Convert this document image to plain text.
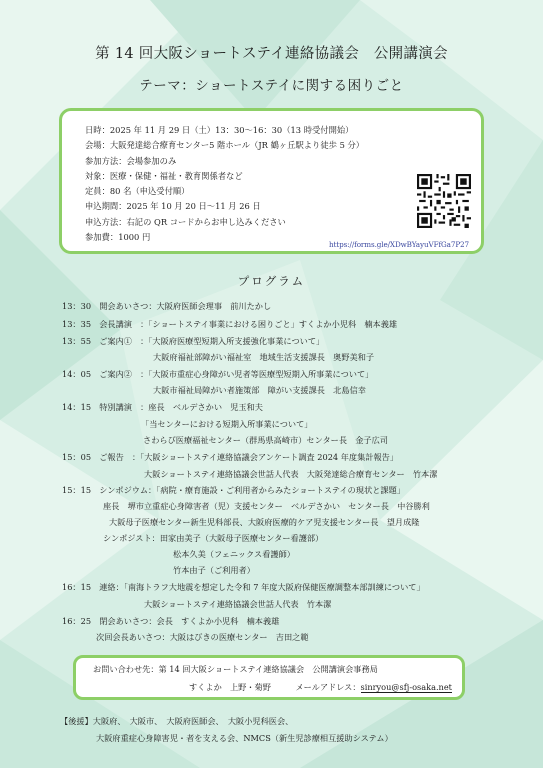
第 14 回大阪ショートステイ連絡協議会　公開講演会
テーマ：ショートステイに関する困りごと
日時：2025 年 11 月 29 日（土）13：30～16：30（13 時受付開始）
会場：大阪発達総合療育センター5 階ホール（JR 鶴ヶ丘駅より徒歩 5 分）
参加方法：会場参加のみ
対象：医療・保健・福祉・教育関係者など
定員：80 名（申込受付順）
申込期間：2025 年 10 月 20 日～11 月 26 日
申込方法：右記の QR コードからお申し込みください
参加費：1000 円
https://forms.gle/XDwBYayuVFfGa7P27
プログラム
13：30　開会あいさつ：大阪府医師会理事　前川たかし
13：35　会長講演　：「ショートステイ事業における困りごと」すくよか小児科　楠本義雄
13：55　ご案内①　：「大阪府医療型短期入所支援強化事業について」
大阪府福祉部障がい福祉室　地域生活支援課長　奥野美和子
14：05　ご案内②　：「大阪市重症心身障がい児者等医療型短期入所事業について」
大阪市福祉局障がい者施策部　障がい支援課長　北島信幸
14：15　特別講演　：座長　ベルデさかい　児玉和夫
「当センターにおける短期入所事業について」
さわらび医療福祉センター（群馬県高崎市）センター長　金子広司
15：05　ご報告　：「大阪ショートステイ連絡協議会アンケート調査 2024 年度集計報告」
大阪ショートステイ連絡協議会世話人代表　大阪発達総合療育センター　竹本潔
15：15　シンポジウム：「病院・療育施設・ご利用者からみたショートステイの現状と課題」
座長　堺市立重症心身障害者（児）支援センター　ベルデさかい　センター長　中谷勝利
大阪母子医療センター新生児科部長、大阪府医療的ケア児支援センター長　望月成隆
シンポジスト：田家由美子（大阪母子医療センター看護部）
松本久美（フェニックス看護師）
竹本由子（ご利用者）
16：15　連絡：「南海トラフ大地震を想定した令和 7 年度大阪府保健医療調整本部訓練について」
大阪ショートステイ連絡協議会世話人代表　竹本潔
16：25　閉会あいさつ：会長　すくよか小児科　楠本義雄
次回会長あいさつ：大阪はびきの医療センター　吉田之範
お問い合わせ先：第 14 回大阪ショートステイ連絡協議会　公開講演会事務局
すくよか　上野・菊野　　　メールアドレス：sinryou@sfj-osaka.net
【後援】大阪府、　大阪市、　大阪府医師会、　大阪小児科医会、
大阪府重症心身障害児・者を支える会、NMCS（新生児診療相互援助システム）
